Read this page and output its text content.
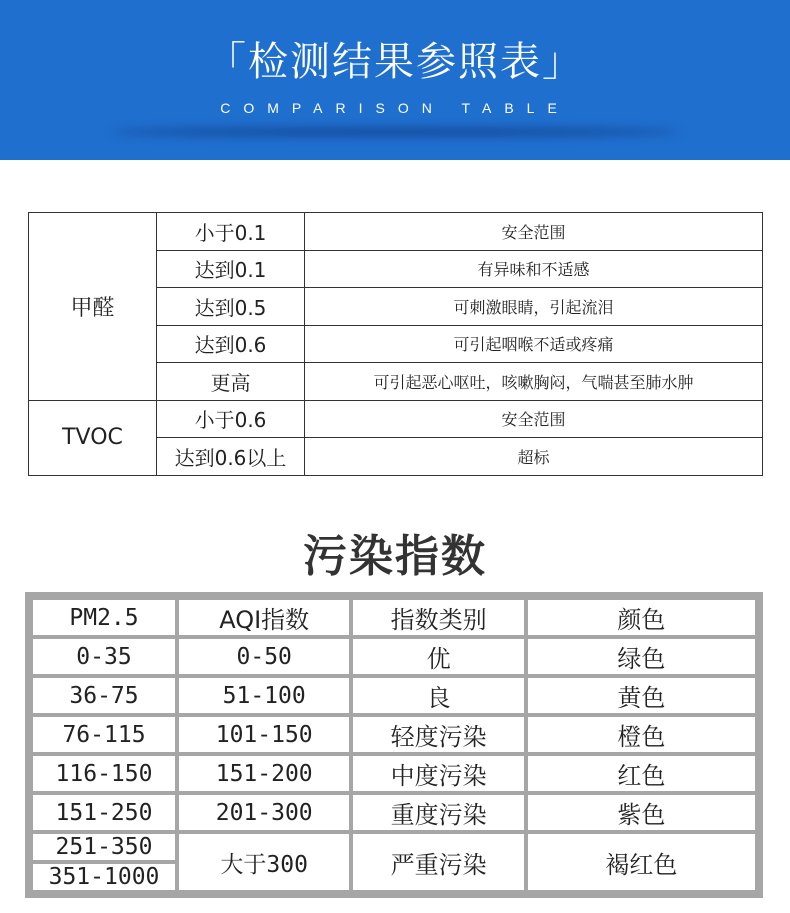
「检测结果参照表」
COMPARISON TABLE
甲醛	小于0.1	安全范围
	达到0.1	有异味和不适感
	达到0.5	可刺激眼睛，引起流泪
	达到0.6	可引起咽喉不适或疼痛
	更高	可引起恶心呕吐，咳嗽胸闷，气喘甚至肺水肿
TVOC	小于0.6	安全范围
	达到0.6以上	超标
污染指数
PM2.5	AQI指数	指数类别	颜色
0-35	0-50	优	绿色
36-75	51-100	良	黄色
76-115	101-150	轻度污染	橙色
116-150	151-200	中度污染	红色
151-250	201-300	重度污染	紫色
251-350	大于300	严重污染	褐红色
351-1000			
